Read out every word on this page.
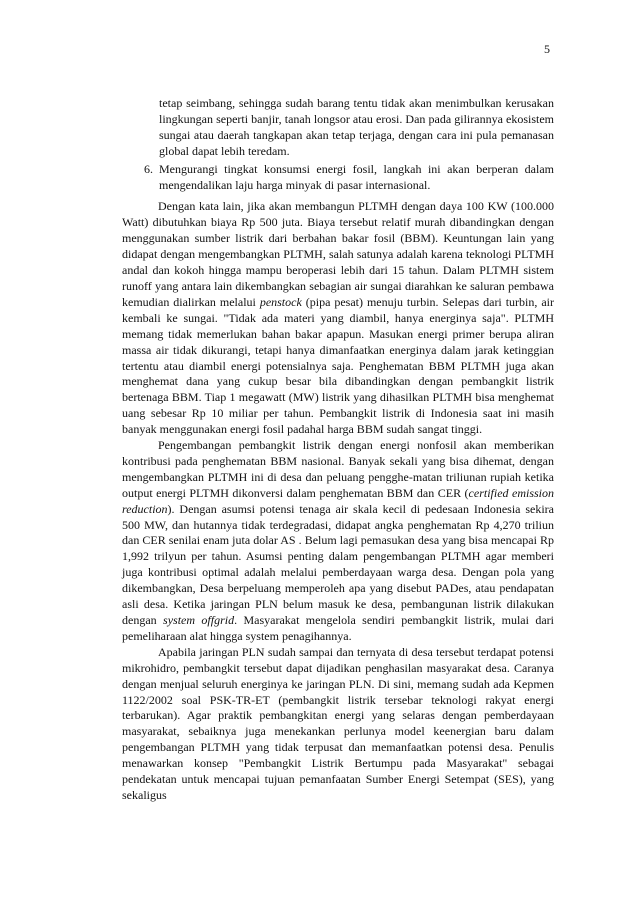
5

tetap seimbang, sehingga sudah barang tentu tidak akan menimbulkan kerusakan lingkungan seperti banjir, tanah longsor atau erosi. Dan pada gilirannya ekosistem sungai atau daerah tangkapan akan tetap terjaga, dengan cara ini pula pemanasan global dapat lebih teredam.

6. Mengurangi tingkat konsumsi energi fosil, langkah ini akan berperan dalam mengendalikan laju harga minyak di pasar internasional.

Dengan kata lain, jika akan membangun PLTMH dengan daya 100 KW (100.000 Watt) dibutuhkan biaya Rp 500 juta. Biaya tersebut relatif murah dibandingkan dengan menggunakan sumber listrik dari berbahan bakar fosil (BBM). Keuntungan lain yang didapat dengan mengembangkan PLTMH, salah satunya adalah karena teknologi PLTMH andal dan kokoh hingga mampu beroperasi lebih dari 15 tahun. Dalam PLTMH sistem runoff yang antara lain dikembangkan sebagian air sungai diarahkan ke saluran pembawa kemudian dialirkan melalui penstock (pipa pesat) menuju turbin. Selepas dari turbin, air kembali ke sungai. "Tidak ada materi yang diambil, hanya energinya saja". PLTMH memang tidak memerlukan bahan bakar apapun. Masukan energi primer berupa aliran massa air tidak dikurangi, tetapi hanya dimanfaatkan energinya dalam jarak ketinggian tertentu atau diambil energi potensialnya saja. Penghematan BBM PLTMH juga akan menghemat dana yang cukup besar bila dibandingkan dengan pembangkit listrik bertenaga BBM. Tiap 1 megawatt (MW) listrik yang dihasilkan PLTMH bisa menghemat uang sebesar Rp 10 miliar per tahun. Pembangkit listrik di Indonesia saat ini masih banyak menggunakan energi fosil padahal harga BBM sudah sangat tinggi.

Pengembangan pembangkit listrik dengan energi nonfosil akan memberikan kontribusi pada penghematan BBM nasional. Banyak sekali yang bisa dihemat, dengan mengembangkan PLTMH ini di desa dan peluang pengghe-matan triliunan rupiah ketika output energi PLTMH dikonversi dalam penghematan BBM dan CER (certified emission reduction). Dengan asumsi potensi tenaga air skala kecil di pedesaan Indonesia sekira 500 MW, dan hutannya tidak terdegradasi, didapat angka penghematan Rp 4,270 triliun dan CER senilai enam juta dolar AS . Belum lagi pemasukan desa yang bisa mencapai Rp 1,992 trilyun per tahun. Asumsi penting dalam pengembangan PLTMH agar memberi juga kontribusi optimal adalah melalui pemberdayaan warga desa. Dengan pola yang dikembangkan, Desa berpeluang memperoleh apa yang disebut PADes, atau pendapatan asli desa. Ketika jaringan PLN belum masuk ke desa, pembangunan listrik dilakukan dengan system offgrid. Masyarakat mengelola sendiri pembangkit listrik, mulai dari pemeliharaan alat hingga system penagihannya.

Apabila jaringan PLN sudah sampai dan ternyata di desa tersebut terdapat potensi mikrohidro, pembangkit tersebut dapat dijadikan penghasilan masyarakat desa. Caranya dengan menjual seluruh energinya ke jaringan PLN. Di sini, memang sudah ada Kepmen 1122/2002 soal PSK-TR-ET (pembangkit listrik tersebar teknologi rakyat energi terbarukan). Agar praktik pembangkitan energi yang selaras dengan pemberdayaan masyarakat, sebaiknya juga menekankan perlunya model keenergian baru dalam pengembangan PLTMH yang tidak terpusat dan memanfaatkan potensi desa. Penulis menawarkan konsep "Pembangkit Listrik Bertumpu pada Masyarakat" sebagai pendekatan untuk mencapai tujuan pemanfaatan Sumber Energi Setempat (SES), yang sekaligus
